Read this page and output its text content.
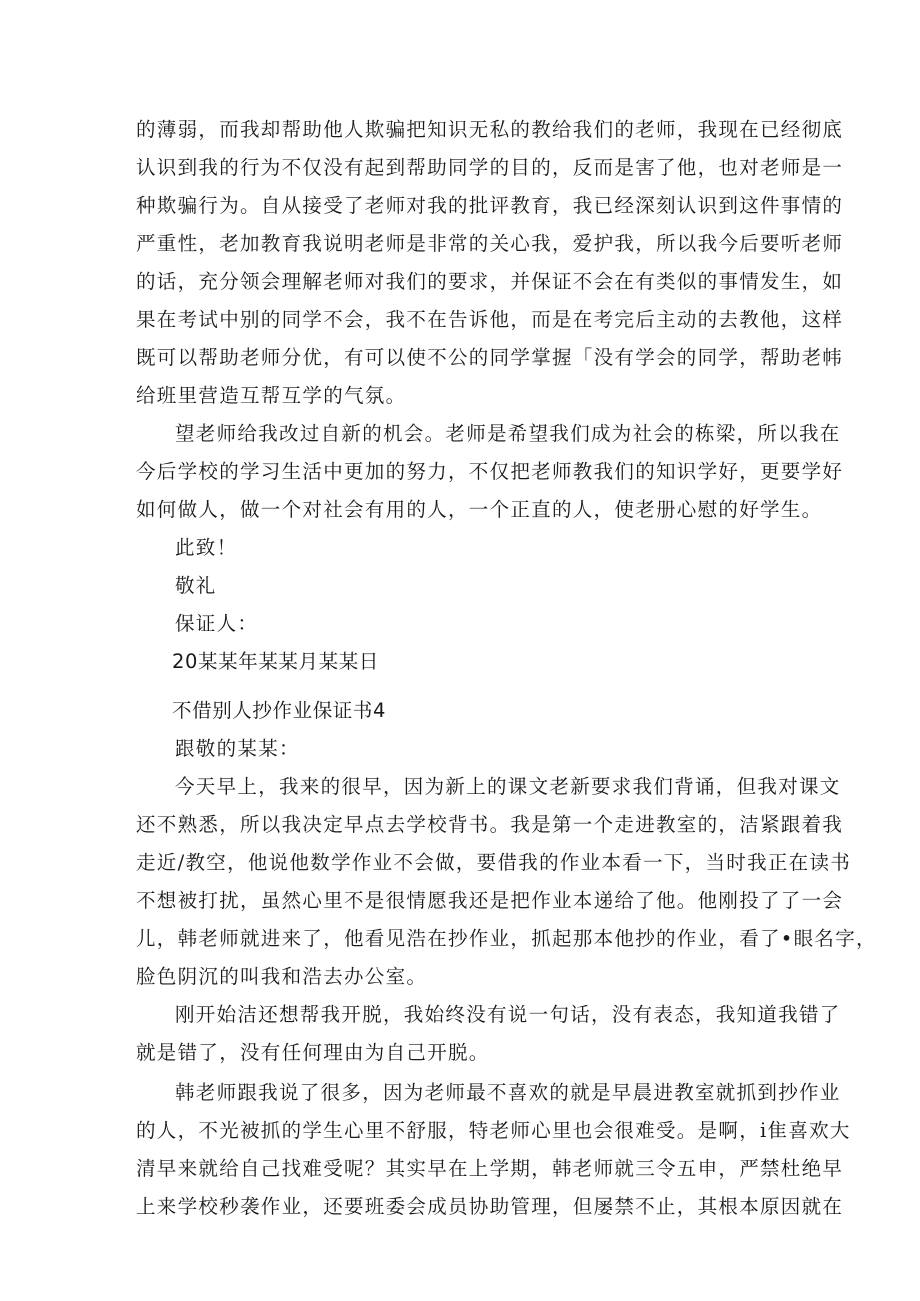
的薄弱，而我却帮助他人欺骗把知识无私的教给我们的老师，我现在已经彻底
认识到我的行为不仅没有起到帮助同学的目的，反而是害了他，也对老师是一
种欺骗行为。自从接受了老师对我的批评教育，我已经深刻认识到这件事情的
严重性，老加教育我说明老师是非常的关心我，爱护我，所以我今后要听老师
的话，充分领会理解老师对我们的要求，并保证不会在有类似的事情发生，如
果在考试中别的同学不会，我不在告诉他，而是在考完后主动的去教他，这样
既可以帮助老师分优，有可以使不公的同学掌握「没有学会的同学，帮助老帏
给班里营造互帮互学的气氛。
望老师给我改过自新的机会。老师是希望我们成为社会的栋梁，所以我在
今后学校的学习生活中更加的努力，不仅把老师教我们的知识学好，更要学好
如何做人，做一个对社会有用的人，一个正直的人，使老册心慰的好学生。
此致！
敬礼
保证人：
20某某年某某月某某日
不借别人抄作业保证书4
跟敬的某某：
今天早上，我来的很早，因为新上的课文老新要求我们背诵，但我对课文
还不熟悉，所以我决定早点去学校背书。我是第一个走进教室的，洁紧跟着我
走近/教空，他说他数学作业不会做，要借我的作业本看一下，当时我正在读书
不想被打扰，虽然心里不是很情愿我还是把作业本递给了他。他刚投了了一会
儿，韩老师就进来了，他看见浩在抄作业，抓起那本他抄的作业，看了•眼名字，
脸色阴沉的叫我和浩去办公室。
刚开始洁还想帮我开脱，我始终没有说一句话，没有表态，我知道我错了
就是错了，没有任何理由为自己开脱。
韩老师跟我说了很多，因为老师最不喜欢的就是早晨进教室就抓到抄作业
的人，不光被抓的学生心里不舒服，特老师心里也会很难受。是啊，i隹喜欢大
清早来就给自己找难受呢？其实早在上学期，韩老师就三令五申，严禁杜绝早
上来学校秒袭作业，还要班委会成员协助管理，但屡禁不止，其根本原因就在
